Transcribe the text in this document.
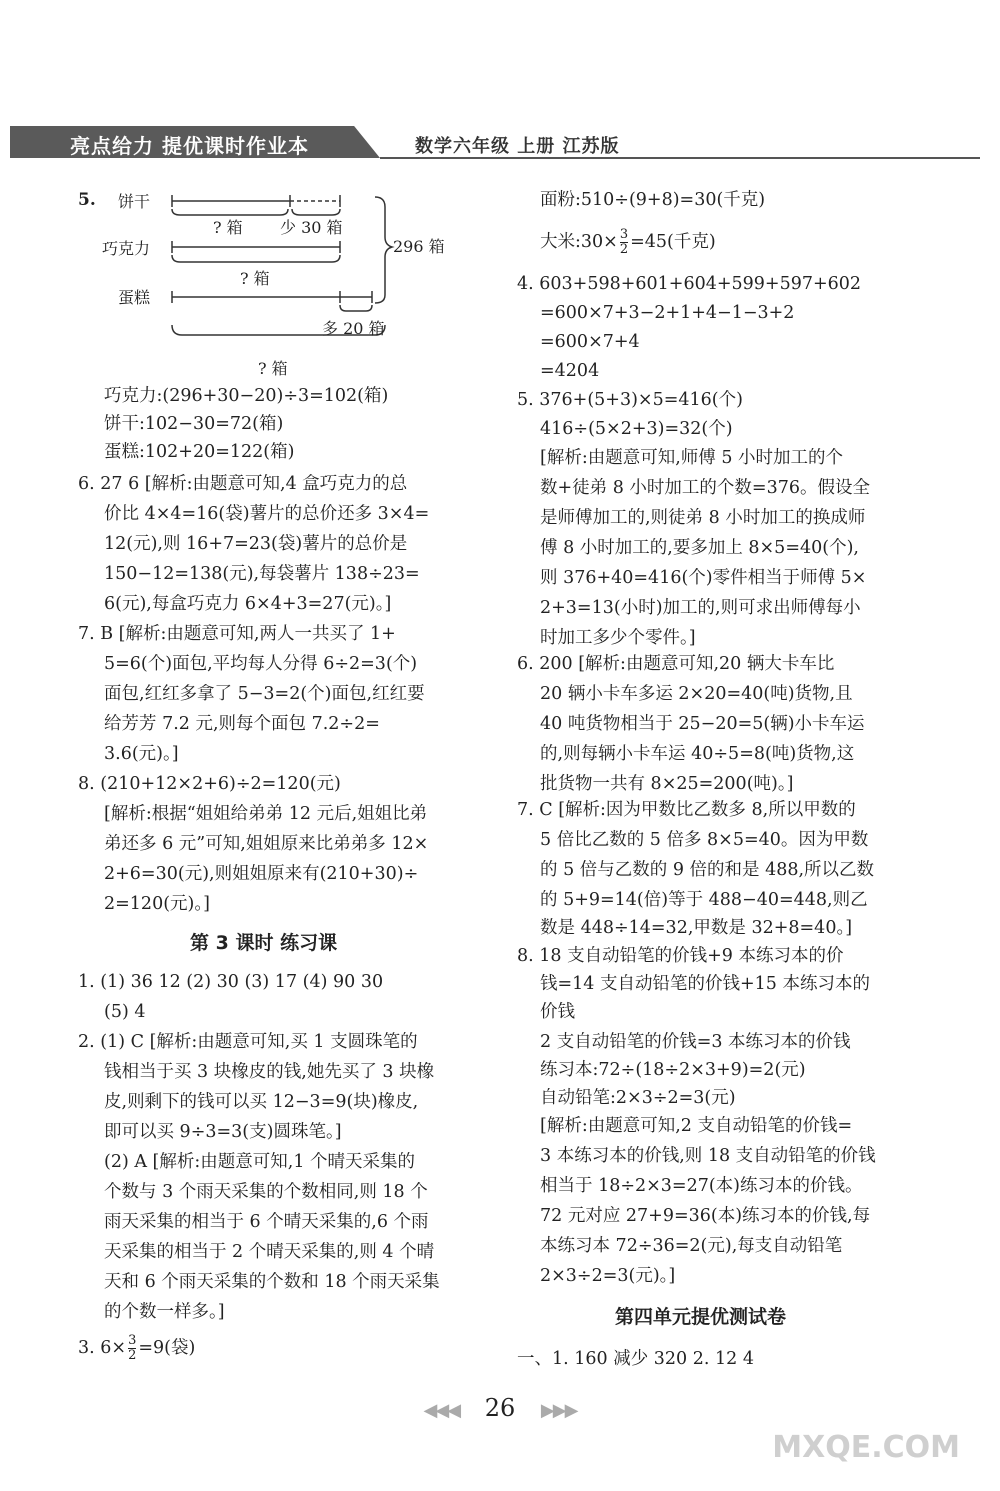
亮点给力 提优课时作业本	数学六年级 上册 江苏版
5. 饼干
巧克力
蛋糕
? 箱 少 30 箱
? 箱
多 20 箱
296 箱
? 箱
巧克力:(296+30−20)÷3=102(箱)
饼干:102−30=72(箱)
蛋糕:102+20=122(箱)
6. 27 6 [解析:由题意可知,4 盒巧克力的总
价比 4×4=16(袋)薯片的总价还多 3×4=
12(元),则 16+7=23(袋)薯片的总价是
150−12=138(元),每袋薯片 138÷23=
6(元),每盒巧克力 6×4+3=27(元)。]
7. B [解析:由题意可知,两人一共买了 1+
5=6(个)面包,平均每人分得 6÷2=3(个)
面包,红红多拿了 5−3=2(个)面包,红红要
给芳芳 7.2 元,则每个面包 7.2÷2=
3.6(元)。]
8. (210+12×2+6)÷2=120(元)
[解析:根据“姐姐给弟弟 12 元后,姐姐比弟
弟还多 6 元”可知,姐姐原来比弟弟多 12×
2+6=30(元),则姐姐原来有(210+30)÷
2=120(元)。]
第 3 课时 练习课
1. (1) 36 12 (2) 30 (3) 17 (4) 90 30
(5) 4
2. (1) C [解析:由题意可知,买 1 支圆珠笔的
钱相当于买 3 块橡皮的钱,她先买了 3 块橡
皮,则剩下的钱可以买 12−3=9(块)橡皮,
即可以买 9÷3=3(支)圆珠笔。]
(2) A [解析:由题意可知,1 个晴天采集的
个数与 3 个雨天采集的个数相同,则 18 个
雨天采集的相当于 6 个晴天采集的,6 个雨
天采集的相当于 2 个晴天采集的,则 4 个晴
天和 6 个雨天采集的个数和 18 个雨天采集
的个数一样多。]
3. $6\times \frac{3}{2} =9$(袋)
面粉:510÷(9+8)=30(千克)
大米:30× $\frac{3}{2} =45$(千克)
4. 603+598+601+604+599+597+602
=600×7+3−2+1+4−1−3+2
=600×7+4
=4204
5. 376+(5+3)×5=416(个)
416÷(5×2+3)=32(个)
[解析:由题意可知,师傅 5 小时加工的个
数+徒弟 8 小时加工的个数=376。假设全
是师傅加工的,则徒弟 8 小时加工的换成师
傅 8 小时加工的,要多加上 8×5=40(个),
则 376+40=416(个)零件相当于师傅 5×
2+3=13(小时)加工的,则可求出师傅每小
时加工多少个零件。]
6. 200 [解析:由题意可知,20 辆大卡车比
20 辆小卡车多运 2×20=40(吨)货物,且
40 吨货物相当于 25−20=5(辆)小卡车运
的,则每辆小卡车运 40÷5=8(吨)货物,这
批货物一共有 8×25=200(吨)。]
7. C [解析:因为甲数比乙数多 8,所以甲数的
5 倍比乙数的 5 倍多 8×5=40。因为甲数
的 5 倍与乙数的 9 倍的和是 488,所以乙数
的 5+9=14(倍)等于 488−40=448,则乙
数是 448÷14=32,甲数是 32+8=40。]
8. 18 支自动铅笔的价钱+9 本练习本的价
钱=14 支自动铅笔的价钱+15 本练习本的
价钱
2 支自动铅笔的价钱=3 本练习本的价钱
练习本:72÷(18÷2×3+9)=2(元)
自动铅笔:2×3÷2=3(元)
[解析:由题意可知,2 支自动铅笔的价钱=
3 本练习本的价钱,则 18 支自动铅笔的价钱
相当于 18÷2×3=27(本)练习本的价钱。
72 元对应 27+9=36(本)练习本的价钱,每
本练习本 72÷36=2(元),每支自动铅笔
2×3÷2=3(元)。]
第四单元提优测试卷
一、1. 160 减少 320 2. 12 4
◀◀◀ 26 ▶▶▶
MXQE.COM
